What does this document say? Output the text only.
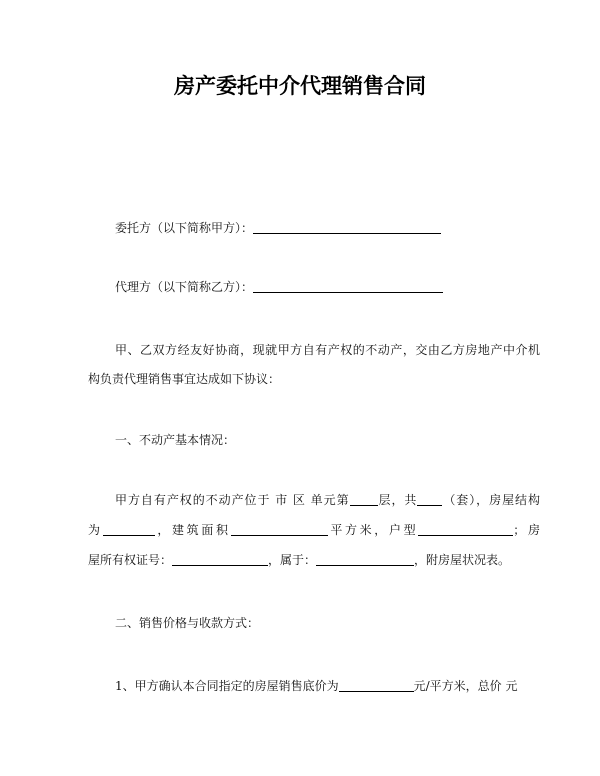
房产委托中介代理销售合同
委托方（以下简称甲方）：
代理方（以下简称乙方）：
甲、乙双方经友好协商，现就甲方自有产权的不动产，交由乙方房地产中介机
构负责代理销售事宜达成如下协议：
一、不动产基本情况：
甲方自有产权的不动产位于 市 区 单元第 层，共 （套），房屋结构
为	，建筑面积	平方米，户型	；房
屋所有权证号：	，属于：	，附房屋状况表。
二、销售价格与收款方式：
1、甲方确认本合同指定的房屋销售底价为	元/平方米，总价 元
